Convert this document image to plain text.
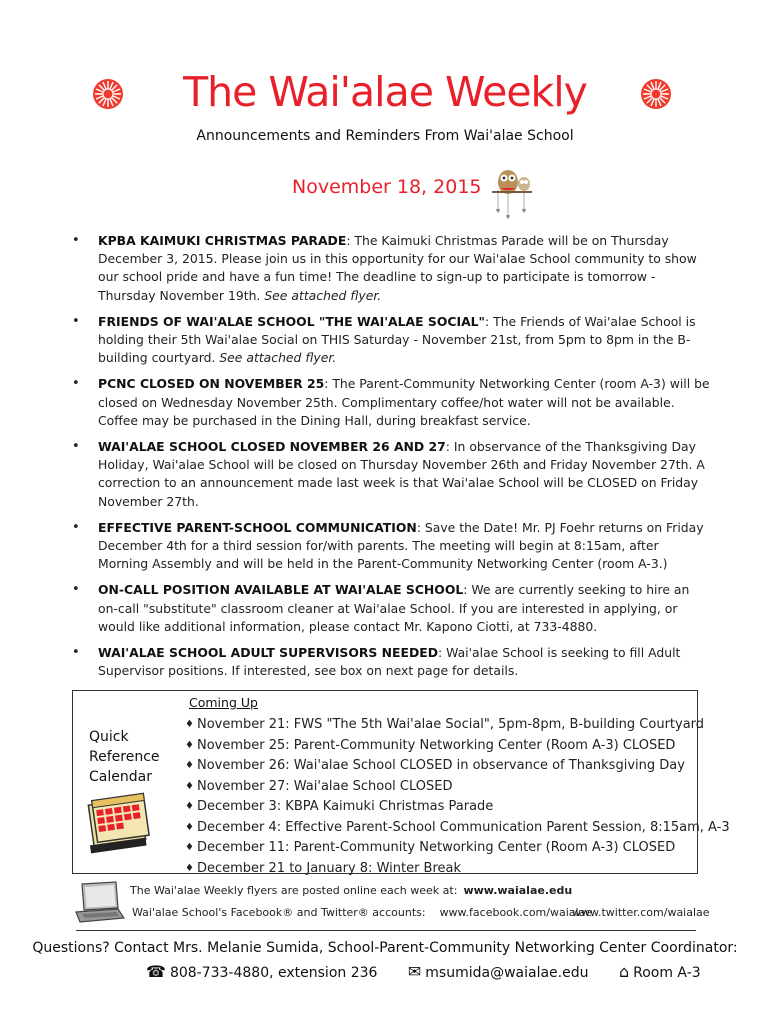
The Wai'alae Weekly
Announcements and Reminders From Wai'alae School
November 18, 2015
• KPBA KAIMUKI CHRISTMAS PARADE: The Kaimuki Christmas Parade will be on Thursday December 3, 2015. Please join us in this opportunity for our Wai'alae School community to show our school pride and have a fun time! The deadline to sign-up to participate is tomorrow - Thursday November 19th. See attached flyer.
• FRIENDS OF WAI'ALAE SCHOOL "THE WAI'ALAE SOCIAL": The Friends of Wai'alae School is holding their 5th Wai'alae Social on THIS Saturday - November 21st, from 5pm to 8pm in the B-building courtyard. See attached flyer.
• PCNC CLOSED ON NOVEMBER 25: The Parent-Community Networking Center (room A-3) will be closed on Wednesday November 25th. Complimentary coffee/hot water will not be available. Coffee may be purchased in the Dining Hall, during breakfast service.
• WAI'ALAE SCHOOL CLOSED NOVEMBER 26 AND 27: In observance of the Thanksgiving Day Holiday, Wai'alae School will be closed on Thursday November 26th and Friday November 27th. A correction to an announcement made last week is that Wai'alae School will be CLOSED on Friday November 27th.
• EFFECTIVE PARENT-SCHOOL COMMUNICATION: Save the Date! Mr. PJ Foehr returns on Friday December 4th for a third session for/with parents. The meeting will begin at 8:15am, after Morning Assembly and will be held in the Parent-Community Networking Center (room A-3.)
• ON-CALL POSITION AVAILABLE AT WAI'ALAE SCHOOL: We are currently seeking to hire an on-call "substitute" classroom cleaner at Wai'alae School. If you are interested in applying, or would like additional information, please contact Mr. Kapono Ciotti, at 733-4880.
• WAI'ALAE SCHOOL ADULT SUPERVISORS NEEDED: Wai'alae School is seeking to fill Adult Supervisor positions. If interested, see box on next page for details.
Quick
Reference
Calendar
Coming Up
♦ November 21: FWS "The 5th Wai'alae Social", 5pm-8pm, B-building Courtyard
♦ November 25: Parent-Community Networking Center (Room A-3) CLOSED
♦ November 26: Wai'alae School CLOSED in observance of Thanksgiving Day
♦ November 27: Wai'alae School CLOSED
♦ December 3: KBPA Kaimuki Christmas Parade
♦ December 4: Effective Parent-School Communication Parent Session, 8:15am, A-3
♦ December 11: Parent-Community Networking Center (Room A-3) CLOSED
♦ December 21 to January 8: Winter Break
The Wai'alae Weekly flyers are posted online each week at: www.waialae.edu
Wai'alae School's Facebook® and Twitter® accounts: www.facebook.com/waialae
www.twitter.com/waialae
Questions? Contact Mrs. Melanie Sumida, School-Parent-Community Networking Center Coordinator:
☎ 808-733-4880, extension 236 ✉ msumida@waialae.edu ⌂ Room A-3
